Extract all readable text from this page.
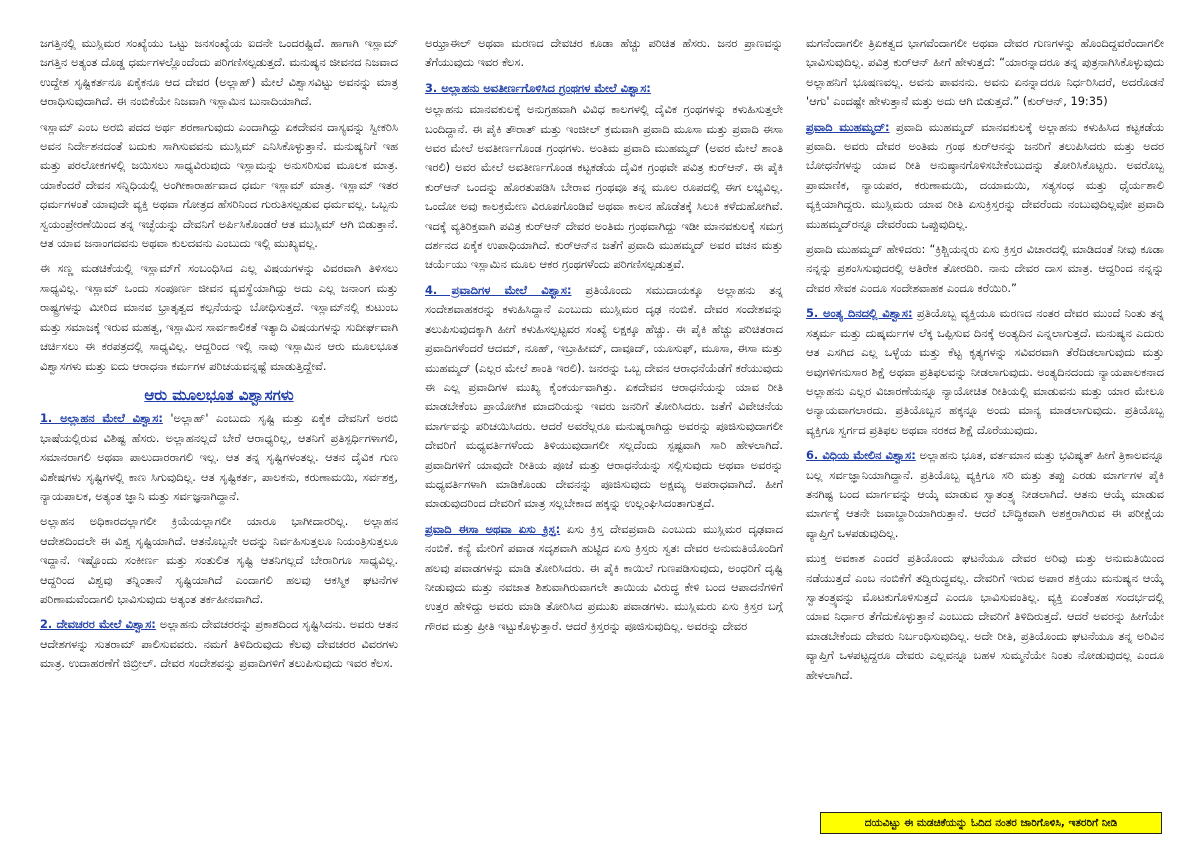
ಜಗತ್ತಿನಲ್ಲಿ ಮುಸ್ಲಿಮರ ಸಂಖ್ಯೆಯು ಒಟ್ಟು ಜನಸಂಖ್ಯೆಯ ಐದನೇ ಒಂದರಷ್ಟಿದೆ. ಹಾಗಾಗಿ ಇಸ್ಲಾಮ್ ಜಗತ್ತಿನ ಅತ್ಯಂತ ದೊಡ್ಡ ಧರ್ಮಗಳಲ್ಲೊಂದೆಂದು ಪರಿಗಣಿಸಲ್ಪಡುತ್ತದೆ. ಮನುಷ್ಯನ ಜೀವನದ ನಿಜವಾದ ಉದ್ದೇಶ ಸೃಷ್ಟಿಕರ್ತನೂ ಏಕೈಕನೂ ಆದ ದೇವರ (ಅಲ್ಲಾಹ್) ಮೇಲೆ ವಿಶ್ವಾಸವಿಟ್ಟು ಅವನನ್ನು ಮಾತ್ರ ಆರಾಧಿಸುವುದಾಗಿದೆ. ಈ ನಂಬಿಕೆಯೇ ನಿಜವಾಗಿ ಇಸ್ಲಾಮಿನ ಬುನಾದಿಯಾಗಿದೆ.

ಇಸ್ಲಾಮ್ ಎಂಬ ಅರಬಿ ಪದದ ಅರ್ಥ ಶರಣಾಗುವುದು ಎಂದಾಗಿದ್ದು ಏಕದೇವನ ದಾಸ್ಯವನ್ನು ಸ್ವೀಕರಿಸಿ ಅವನ ನಿರ್ದೇಶನದಂತೆ ಬದುಕು ಸಾಗಿಸುವವನು ಮುಸ್ಲಿಮ್ ಎನಿಸಿಕೊಳ್ಳುತ್ತಾನೆ. ಮನುಷ್ಯನಿಗೆ ಇಹ ಮತ್ತು ಪರಲೋಕಗಳಲ್ಲಿ ಜಯಿಸಲು ಸಾಧ್ಯವಿರುವುದು ಇಸ್ಲಾಮನ್ನು ಅನುಸರಿಸುವ ಮೂಲಕ ಮಾತ್ರ. ಯಾಕೆಂದರೆ ದೇವನ ಸನ್ನಿಧಿಯಲ್ಲಿ ಅಂಗೀಕಾರಾರ್ಹವಾದ ಧರ್ಮ ಇಸ್ಲಾಮ್ ಮಾತ್ರ. ಇಸ್ಲಾಮ್ ಇತರ ಧರ್ಮಗಳಂತೆ ಯಾವುದೇ ವ್ಯಕ್ತಿ ಅಥವಾ ಗೋತ್ರದ ಹೆಸರಿನಿಂದ ಗುರುತಿಸಲ್ಪಡುವ ಧರ್ಮವಲ್ಲ. ಒಬ್ಬನು ಸ್ವಯಂಪ್ರೇರಣೆಯಿಂದ ತನ್ನ ಇಚ್ಛೆಯನ್ನು ದೇವನಿಗೆ ಅರ್ಪಿಸಿಕೊಂಡರೆ ಆತ ಮುಸ್ಲಿಮ್ ಆಗಿ ಬಿಡುತ್ತಾನೆ. ಆತ ಯಾವ ಜನಾಂಗದವನು ಅಥವಾ ಕುಲದವನು ಎಂಬುದು ಇಲ್ಲಿ ಮುಖ್ಯವಲ್ಲ.

ಈ ಸಣ್ಣ ಮಡಚಿಕೆಯಲ್ಲಿ ಇಸ್ಲಾಮ್‌ಗೆ ಸಂಬಂಧಿಸಿದ ಎಲ್ಲ ವಿಷಯಗಳನ್ನು ವಿವರವಾಗಿ ತಿಳಿಸಲು ಸಾಧ್ಯವಿಲ್ಲ. ಇಸ್ಲಾಮ್ ಒಂದು ಸಂಪೂರ್ಣ ಜೀವನ ವ್ಯವಸ್ಥೆಯಾಗಿದ್ದು ಅದು ಎಲ್ಲ ಜನಾಂಗ ಮತ್ತು ರಾಷ್ಟ್ರಗಳನ್ನು ಮೀರಿದ ಮಾನವ ಭ್ರಾತೃತ್ವದ ಕಲ್ಪನೆಯನ್ನು ಬೋಧಿಸುತ್ತದೆ. ಇಸ್ಲಾಮ್‌ನಲ್ಲಿ ಕುಟುಂಬ ಮತ್ತು ಸಮಾಜಕ್ಕೆ ಇರುವ ಮಹತ್ವ, ಇಸ್ಲಾಮಿನ ಸಾರ್ವಕಾಲಿಕತೆ ಇತ್ಯಾದಿ ವಿಷಯಗಳನ್ನು ಸುದೀರ್ಘವಾಗಿ ಚರ್ಚಿಸಲು ಈ ಕರಪತ್ರದಲ್ಲಿ ಸಾಧ್ಯವಿಲ್ಲ. ಆದ್ದರಿಂದ ಇಲ್ಲಿ ನಾವು ಇಸ್ಲಾಮಿನ ಆರು ಮೂಲಭೂತ ವಿಶ್ವಾಸಗಳು ಮತ್ತು ಐದು ಆರಾಧನಾ ಕರ್ಮಗಳ ಪರಿಚಯವನ್ನಷ್ಟೆ ಮಾಡುತ್ತಿದ್ದೇವೆ.

ಆರು ಮೂಲಭೂತ ವಿಶ್ವಾಸಗಳು

1. ಅಲ್ಲಾಹನ ಮೇಲೆ ವಿಶ್ವಾಸ: 'ಅಲ್ಲಾಹ್' ಎಂಬುದು ಸೃಷ್ಟಿ ಮತ್ತು ಏಕೈಕ ದೇವನಿಗೆ ಅರಬಿ ಭಾಷೆಯಲ್ಲಿರುವ ವಿಶಿಷ್ಟ ಹೆಸರು. ಅಲ್ಲಾಹನಲ್ಲದೆ ಬೇರೆ ಆರಾಧ್ಯರಿಲ್ಲ, ಆತನಿಗೆ ಪ್ರತಿಸ್ಪರ್ಧಿಗಳಾಗಲಿ, ಸಮಾನರಾಗಲಿ ಅಥವಾ ಪಾಲುದಾರರಾಗಲಿ ಇಲ್ಲ. ಆತ ತನ್ನ ಸೃಷ್ಟಿಗಳಂತಲ್ಲ. ಆತನ ದೈವಿಕ ಗುಣ ವಿಶೇಷಗಳು ಸೃಷ್ಟಿಗಳಲ್ಲಿ ಕಾಣ ಸಿಗುವುದಿಲ್ಲ. ಆತ ಸೃಷ್ಟಿಕರ್ತ, ಪಾಲಕನು, ಕರುಣಾಮಯಿ, ಸರ್ವಶಕ್ತ, ನ್ಯಾಯಪಾಲಕ, ಅತ್ಯಂತ ಜ್ಞಾನಿ ಮತ್ತು ಸರ್ವಜ್ಞನಾಗಿದ್ದಾನೆ.

ಅಲ್ಲಾಹನ ಅಧಿಕಾರದಲ್ಲಾಗಲೀ ಕ್ರಿಯೆಯಲ್ಲಾಗಲೀ ಯಾರೂ ಭಾಗೀದಾರರಿಲ್ಲ. ಅಲ್ಲಾಹನ ಆದೇಶದಿಂದಲೇ ಈ ವಿಶ್ವ ಸೃಷ್ಟಿಯಾಗಿದೆ. ಆತನೊಬ್ಬನೇ ಅದನ್ನು ನಿರ್ವಹಿಸುತ್ತಲೂ ನಿಯಂತ್ರಿಸುತ್ತಲೂ ಇದ್ದಾನೆ. ಇಷ್ಟೊಂದು ಸಂಕೀರ್ಣ ಮತ್ತು ಸಂತುಲಿತ ಸೃಷ್ಟಿ ಆತನಿಗಲ್ಲದೆ ಬೇರಾರಿಗೂ ಸಾಧ್ಯವಿಲ್ಲ. ಆದ್ದರಿಂದ ವಿಶ್ವವು ತನ್ನಿಂತಾನೆ ಸೃಷ್ಟಿಯಾಗಿದೆ ಎಂದಾಗಲಿ ಹಲವು ಆಕಸ್ಮಿಕ ಘಟನೆಗಳ ಪರಿಣಾಮವೆಂದಾಗಲಿ ಭಾವಿಸುವುದು ಅತ್ಯಂತ ತರ್ಕಹೀನವಾಗಿದೆ.

2. ದೇವಚರರ ಮೇಲೆ ವಿಶ್ವಾಸ: ಅಲ್ಲಾಹನು ದೇವಚರರನ್ನು ಪ್ರಕಾಶದಿಂದ ಸೃಷ್ಟಿಸಿದನು. ಅವರು ಆತನ ಆದೇಶಗಳನ್ನು ಸುತರಾಮ್ ಪಾಲಿಸುವವರು. ನಮಗೆ ತಿಳಿದಿರುವುದು ಕೆಲವು ದೇವಚರರ ವಿವರಗಳು ಮಾತ್ರ. ಉದಾಹರಣೆಗೆ ಜಿಬ್ರೀಲ್. ದೇವರ ಸಂದೇಶವನ್ನು ಪ್ರವಾದಿಗಳಿಗೆ ತಲುಪಿಸುವುದು ಇವರ ಕೆಲಸ.

ಅಝ್ರಾಈಲ್ ಅಥವಾ ಮರಣದ ದೇವಚರ ಕೂಡಾ ಹೆಚ್ಚು ಪರಿಚಿತ ಹೆಸರು. ಜನರ ಪ್ರಾಣವನ್ನು ತೆಗೆಯುವುದು ಇವರ ಕೆಲಸ.

3. ಅಲ್ಲಾಹನು ಅವತೀರ್ಣಗೊಳಿಸಿದ ಗ್ರಂಥಗಳ ಮೇಲೆ ವಿಶ್ವಾಸ:

ಅಲ್ಲಾಹನು ಮಾನವಕುಲಕ್ಕೆ ಅನುಗ್ರಹವಾಗಿ ವಿವಿಧ ಕಾಲಗಳಲ್ಲಿ ದೈವಿಕ ಗ್ರಂಥಗಳನ್ನು ಕಳುಹಿಸುತ್ತಲೇ ಬಂದಿದ್ದಾನೆ. ಈ ಪೈಕಿ ತೌರಾತ್ ಮತ್ತು ಇಂಜೀಲ್ ಕ್ರಮವಾಗಿ ಪ್ರವಾದಿ ಮೂಸಾ ಮತ್ತು ಪ್ರವಾದಿ ಈಸಾ ಅವರ ಮೇಲೆ ಅವತೀರ್ಣಗೊಂಡ ಗ್ರಂಥಗಳು. ಅಂತಿಮ ಪ್ರವಾದಿ ಮುಹಮ್ಮದ್ (ಅವರ ಮೇಲೆ ಶಾಂತಿ ಇರಲಿ) ಅವರ ಮೇಲೆ ಅವತೀರ್ಣಗೊಂಡ ಕಟ್ಟಕಡೆಯ ದೈವಿಕ ಗ್ರಂಥವೇ ಪವಿತ್ರ ಕುರ್‌ಆನ್. ಈ ಪೈಕಿ ಕುರ್‌ಆನ್ ಒಂದನ್ನು ಹೊರತುಪಡಿಸಿ ಬೇರಾವ ಗ್ರಂಥವೂ ತನ್ನ ಮೂಲ ರೂಪದಲ್ಲಿ ಈಗ ಲಭ್ಯವಿಲ್ಲ. ಒಂದೋ ಅವು ಕಾಲಕ್ರಮೇಣ ವಿರೂಪಗೊಂಡಿವೆ ಅಥವಾ ಕಾಲನ ಹೊಡೆತಕ್ಕೆ ಸಿಲುಕಿ ಕಳೆದುಹೋಗಿವೆ. ಇದಕ್ಕೆ ವ್ಯತಿರಿಕ್ತವಾಗಿ ಪವಿತ್ರ ಕುರ್‌ಆನ್ ದೇವರ ಅಂತಿಮ ಗ್ರಂಥವಾಗಿದ್ದು ಇಡೀ ಮಾನವಕುಲಕ್ಕೆ ಸಮಗ್ರ ದರ್ಶನದ ಏಕೈಕ ಉಪಾಧಿಯಾಗಿದೆ. ಕುರ್‌ಆನ್‌ನ ಜತೆಗೆ ಪ್ರವಾದಿ ಮುಹಮ್ಮದ್ ಅವರ ವಚನ ಮತ್ತು ಚರ್ಯೆಯು ಇಸ್ಲಾಮಿನ ಮೂಲ ಆಕರ ಗ್ರಂಥಗಳೆಂದು ಪರಿಗಣಿಸಲ್ಪಡುತ್ತವೆ.

4. ಪ್ರವಾದಿಗಳ ಮೇಲೆ ವಿಶ್ವಾಸ: ಪ್ರತಿಯೊಂದು ಸಮುದಾಯಕ್ಕೂ ಅಲ್ಲಾಹನು ತನ್ನ ಸಂದೇಶವಾಹಕರನ್ನು ಕಳುಹಿಸಿದ್ದಾನೆ ಎಂಬುದು ಮುಸ್ಲಿಮರ ದೃಢ ನಂಬಿಕೆ. ದೇವರ ಸಂದೇಶವನ್ನು ತಲುಪಿಸುವುದಕ್ಕಾಗಿ ಹೀಗೆ ಕಳುಹಿಸಲ್ಪಟ್ಟವರ ಸಂಖ್ಯೆ ಲಕ್ಷಕ್ಕೂ ಹೆಚ್ಚು. ಈ ಪೈಕಿ ಹೆಚ್ಚು ಪರಿಚಿತರಾದ ಪ್ರವಾದಿಗಳೆಂದರೆ ಆದಮ್, ನೂಹ್, ಇಬ್ರಾಹೀಮ್, ದಾವೂದ್, ಯೂಸುಫ್, ಮೂಸಾ, ಈಸಾ ಮತ್ತು ಮುಹಮ್ಮದ್ (ಎಲ್ಲರ ಮೇಲೆ ಶಾಂತಿ ಇರಲಿ). ಜನರನ್ನು ಒಬ್ಬ ದೇವನ ಆರಾಧನೆಯೆಡೆಗೆ ಕರೆಯುವುದು ಈ ಎಲ್ಲ ಪ್ರವಾದಿಗಳ ಮುಖ್ಯ ಕೈಂಕರ್ಯವಾಗಿತ್ತು. ಏಕದೇವನ ಆರಾಧನೆಯನ್ನು ಯಾವ ರೀತಿ ಮಾಡಬೇಕೆಂಬ ಪ್ರಾಯೋಗಿಕ ಮಾದರಿಯನ್ನು ಇವರು ಜನರಿಗೆ ತೋರಿಸಿದರು. ಜತೆಗೆ ವಿವೇಚನೆಯ ಮಾರ್ಗವನ್ನು ಪರಿಚಯಿಸಿದರು. ಆದರೆ ಅವರೆಲ್ಲರೂ ಮನುಷ್ಯರಾಗಿದ್ದು ಅವರನ್ನು ಪೂಜಿಸುವುದಾಗಲೀ ದೇವರಿಗೆ ಮಧ್ಯವರ್ತಿಗಳೆಂದು ತಿಳಿಯುವುದಾಗಲೀ ಸಲ್ಲದೆಂದು ಸ್ಪಷ್ಟವಾಗಿ ಸಾರಿ ಹೇಳಲಾಗಿದೆ. ಪ್ರವಾದಿಗಳಿಗೆ ಯಾವುದೇ ರೀತಿಯ ಪೂಜೆ ಮತ್ತು ಆರಾಧನೆಯನ್ನು ಸಲ್ಲಿಸುವುದು ಅಥವಾ ಅವರನ್ನು ಮಧ್ಯವರ್ತಿಗಳಾಗಿ ಮಾಡಿಕೊಂಡು ದೇವನನ್ನು ಪೂಜಿಸುವುದು ಅಕ್ಷಮ್ಯ ಅಪರಾಧವಾಗಿದೆ. ಹೀಗೆ ಮಾಡುವುದರಿಂದ ದೇವರಿಗೆ ಮಾತ್ರ ಸಲ್ಲಬೇಕಾದ ಹಕ್ಕನ್ನು ಉಲ್ಲಂಘಿಸಿದಂತಾಗುತ್ತದೆ.

ಪ್ರವಾದಿ ಈಸಾ ಅಥವಾ ಏಸು ಕ್ರಿಸ್ತ: ಏಸು ಕ್ರಿಸ್ತ ದೇವಪ್ರವಾದಿ ಎಂಬುದು ಮುಸ್ಲಿಮರ ದೃಢವಾದ ನಂಬಿಕೆ. ಕನ್ಯೆ ಮೇರಿಗೆ ಪವಾಡ ಸದೃಶವಾಗಿ ಹುಟ್ಟಿದ ಏಸು ಕ್ರಿಸ್ತರು ಸ್ವತಃ ದೇವರ ಅನುಮತಿಯೊಂದಿಗೆ ಹಲವು ಪವಾಡಗಳನ್ನು ಮಾಡಿ ತೋರಿಸಿದರು. ಈ ಪೈಕಿ ಕಾಯಿಲೆ ಗುಣಪಡಿಸುವುದು, ಅಂಧರಿಗೆ ದೃಷ್ಟಿ ನೀಡುವುದು ಮತ್ತು ನವಜಾತ ಶಿಶುವಾಗಿರುವಾಗಲೇ ತಾಯಿಯ ವಿರುದ್ಧ ಕೇಳಿ ಬಂದ ಆಪಾದನೆಗಳಿಗೆ ಉತ್ತರ ಹೇಳಿದ್ದು ಅವರು ಮಾಡಿ ತೋರಿಸಿದ ಪ್ರಮುಖ ಪವಾಡಗಳು. ಮುಸ್ಲಿಮರು ಏಸು ಕ್ರಿಸ್ತರ ಬಗ್ಗೆ ಗೌರವ ಮತ್ತು ಪ್ರೀತಿ ಇಟ್ಟುಕೊಳ್ಳುತ್ತಾರೆ. ಆದರೆ ಕ್ರಿಸ್ತರನ್ನು ಪೂಜಿಸುವುದಿಲ್ಲ. ಅವರನ್ನು ದೇವರ

ಮಗನೆಂದಾಗಲೀ ತ್ರಿಏಕತ್ವದ ಭಾಗವೆಂದಾಗಲೀ ಅಥವಾ ದೇವರ ಗುಣಗಳನ್ನು ಹೊಂದಿದ್ದವರೆಂದಾಗಲೀ ಭಾವಿಸುವುದಿಲ್ಲ. ಪವಿತ್ರ ಕುರ್‌ಆನ್ ಹೀಗೆ ಹೇಳುತ್ತದೆ: “ಯಾರನ್ನಾದರೂ ತನ್ನ ಪುತ್ರನಾಗಿಸಿಕೊಳ್ಳುವುದು ಅಲ್ಲಾಹನಿಗೆ ಭೂಷಣವಲ್ಲ. ಅವನು ಪಾವನನು. ಅವನು ಏನನ್ನಾದರೂ ನಿರ್ಧರಿಸಿದರೆ, ಅದರೊಡನೆ 'ಆಗು' ಎಂದಷ್ಟೇ ಹೇಳುತ್ತಾನೆ ಮತ್ತು ಅದು ಆಗಿ ಬಿಡುತ್ತದೆ.” (ಕುರ್‌ಆನ್, 19:35)

ಪ್ರವಾದಿ ಮುಹಮ್ಮದ್: ಪ್ರವಾದಿ ಮುಹಮ್ಮದ್ ಮಾನವಕುಲಕ್ಕೆ ಅಲ್ಲಾಹನು ಕಳುಹಿಸಿದ ಕಟ್ಟಕಡೆಯ ಪ್ರವಾದಿ. ಅವರು ದೇವರ ಅಂತಿಮ ಗ್ರಂಥ ಕುರ್‌ಆನನ್ನು ಜನರಿಗೆ ತಲುಪಿಸಿದರು ಮತ್ತು ಅದರ ಬೋಧನೆಗಳನ್ನು ಯಾವ ರೀತಿ ಅನುಷ್ಠಾನಗೊಳಿಸಬೇಕೆಂಬುದನ್ನು ತೋರಿಸಿಕೊಟ್ಟರು. ಅವರೊಬ್ಬ ಪ್ರಾಮಾಣಿಕ, ನ್ಯಾಯಪರ, ಕರುಣಾಮಯಿ, ದಯಾಮಯಿ, ಸತ್ಯಸಂಧ ಮತ್ತು ಧೈರ್ಯಶಾಲಿ ವ್ಯಕ್ತಿಯಾಗಿದ್ದರು. ಮುಸ್ಲಿಮರು ಯಾವ ರೀತಿ ಏಸುಕ್ರಿಸ್ತರನ್ನು ದೇವರೆಂದು ನಂಬುವುದಿಲ್ಲವೋ ಪ್ರವಾದಿ ಮುಹಮ್ಮದ್‌ರನ್ನೂ ದೇವರೆಂದು ಒಪ್ಪುವುದಿಲ್ಲ.

ಪ್ರವಾದಿ ಮುಹಮ್ಮದ್ ಹೇಳಿದರು: “ಕ್ರಿಶ್ಚಿಯನ್ನರು ಏಸು ಕ್ರಿಸ್ತರ ವಿಚಾರದಲ್ಲಿ ಮಾಡಿದಂತೆ ನೀವು ಕೂಡಾ ನನ್ನನ್ನು ಪ್ರಶಂಸಿಸುವುದರಲ್ಲಿ ಅತಿರೇಕ ತೋರದಿರಿ. ನಾನು ದೇವರ ದಾಸ ಮಾತ್ರ. ಆದ್ದರಿಂದ ನನ್ನನ್ನು ದೇವರ ಸೇವಕ ಎಂದೂ ಸಂದೇಶವಾಹಕ ಎಂದೂ ಕರೆಯಿರಿ.”

5. ಅಂತ್ಯ ದಿನದಲ್ಲಿ ವಿಶ್ವಾಸ: ಪ್ರತಿಯೊಬ್ಬ ವ್ಯಕ್ತಿಯೂ ಮರಣದ ನಂತರ ದೇವರ ಮುಂದೆ ನಿಂತು ತನ್ನ ಸತ್ಕರ್ಮ ಮತ್ತು ದುಷ್ಕರ್ಮಗಳ ಲೆಕ್ಕ ಒಪ್ಪಿಸುವ ದಿನಕ್ಕೆ ಅಂತ್ಯದಿನ ಎನ್ನಲಾಗುತ್ತದೆ. ಮನುಷ್ಯನ ಎದುರು ಆತ ಎಸಗಿದ ಎಲ್ಲ ಒಳ್ಳೆಯ ಮತ್ತು ಕೆಟ್ಟ ಕೃತ್ಯಗಳನ್ನು ಸವಿವರವಾಗಿ ತೆರೆದಿಡಲಾಗುವುದು ಮತ್ತು ಅವುಗಳಿಗನುಸಾರ ಶಿಕ್ಷೆ ಅಥವಾ ಪ್ರತಿಫಲವನ್ನು ನೀಡಲಾಗುವುದು. ಅಂತ್ಯದಿನದಂದು ನ್ಯಾಯಪಾಲಕನಾದ ಅಲ್ಲಾಹನು ಎಲ್ಲರ ವಿಚಾರಣೆಯನ್ನೂ ನ್ಯಾಯೋಚಿತ ರೀತಿಯಲ್ಲಿ ಮಾಡುವನು ಮತ್ತು ಯಾರ ಮೇಲೂ ಅನ್ಯಾಯವಾಗಲಾರದು. ಪ್ರತಿಯೊಬ್ಬನ ಹಕ್ಕನ್ನೂ ಅಂದು ಮಾನ್ಯ ಮಾಡಲಾಗುವುದು. ಪ್ರತಿಯೊಬ್ಬ ವ್ಯಕ್ತಿಗೂ ಸ್ವರ್ಗದ ಪ್ರತಿಫಲ ಅಥವಾ ನರಕದ ಶಿಕ್ಷೆ ದೊರೆಯುವುದು.

6. ವಿಧಿಯ ಮೇಲಿನ ವಿಶ್ವಾಸ: ಅಲ್ಲಾಹನು ಭೂತ, ವರ್ತಮಾನ ಮತ್ತು ಭವಿಷ್ಯತ್ ಹೀಗೆ ತ್ರಿಕಾಲವನ್ನೂ ಬಲ್ಲ ಸರ್ವಜ್ಞಾನಿಯಾಗಿದ್ದಾನೆ. ಪ್ರತಿಯೊಬ್ಬ ವ್ಯಕ್ತಿಗೂ ಸರಿ ಮತ್ತು ತಪ್ಪು ಎರಡು ಮಾರ್ಗಗಳ ಪೈಕಿ ತನಗಿಷ್ಟ ಬಂದ ಮಾರ್ಗವನ್ನು ಆಯ್ಕೆ ಮಾಡುವ ಸ್ವಾತಂತ್ರ್ಯ ನೀಡಲಾಗಿದೆ. ಆತನು ಆಯ್ಕೆ ಮಾಡುವ ಮಾರ್ಗಕ್ಕೆ ಆತನೇ ಜವಾಬ್ದಾರಿಯಾಗಿರುತ್ತಾನೆ. ಆದರೆ ಬೌದ್ಧಿಕವಾಗಿ ಅಶಕ್ತರಾಗಿರುವ ಈ ಪರೀಕ್ಷೆಯ ವ್ಯಾಪ್ತಿಗೆ ಒಳಪಡುವುದಿಲ್ಲ.

ಮುಕ್ತ ಅವಕಾಶ ಎಂದರೆ ಪ್ರತಿಯೊಂದು ಘಟನೆಯೂ ದೇವರ ಅರಿವು ಮತ್ತು ಅನುಮತಿಯಿಂದ ನಡೆಯುತ್ತದೆ ಎಂಬ ನಂಬಿಕೆಗೆ ತದ್ವಿರುದ್ಧವಲ್ಲ. ದೇವರಿಗೆ ಇರುವ ಅಪಾರ ಶಕ್ತಿಯು ಮನುಷ್ಯನ ಆಯ್ಕೆ ಸ್ವಾತಂತ್ರ್ಯವನ್ನು ಮೊಟಕುಗೊಳಿಸುತ್ತದೆ ಎಂದೂ ಭಾವಿಸುವಂತಿಲ್ಲ. ವ್ಯಕ್ತಿ ಏಂತೆಂತಹ ಸಂದರ್ಭದಲ್ಲಿ ಯಾವ ನಿರ್ಧಾರ ತೆಗೆದುಕೊಳ್ಳುತ್ತಾನೆ ಎಂಬುದು ದೇವರಿಗೆ ತಿಳಿದಿರುತ್ತದೆ. ಆದರೆ ಅವರನ್ನು ಹೀಗೆಯೇ ಮಾಡಬೇಕೆಂದು ದೇವರು ನಿರ್ಬಂಧಿಸುವುದಿಲ್ಲ. ಅದೇ ರೀತಿ, ಪ್ರತಿಯೊಂದು ಘಟನೆಯೂ ತನ್ನ ಅರಿವಿನ ವ್ಯಾಪ್ತಿಗೆ ಒಳಪಟ್ಟದ್ದರೂ ದೇವರು ಎಲ್ಲವನ್ನೂ ಬಹಳ ಸುಮ್ಮನೆಯೇ ನಿಂತು ನೋಡುವುದಲ್ಲ ಎಂದೂ ಹೇಳಲಾಗಿದೆ.

ದಯವಿಟ್ಟು ಈ ಮಡಚಿಕೆಯನ್ನು ಓದಿದ ನಂತರ ಜಾರಿಗೊಳಿಸಿ, ಇತರರಿಗೆ ನೀಡಿ
